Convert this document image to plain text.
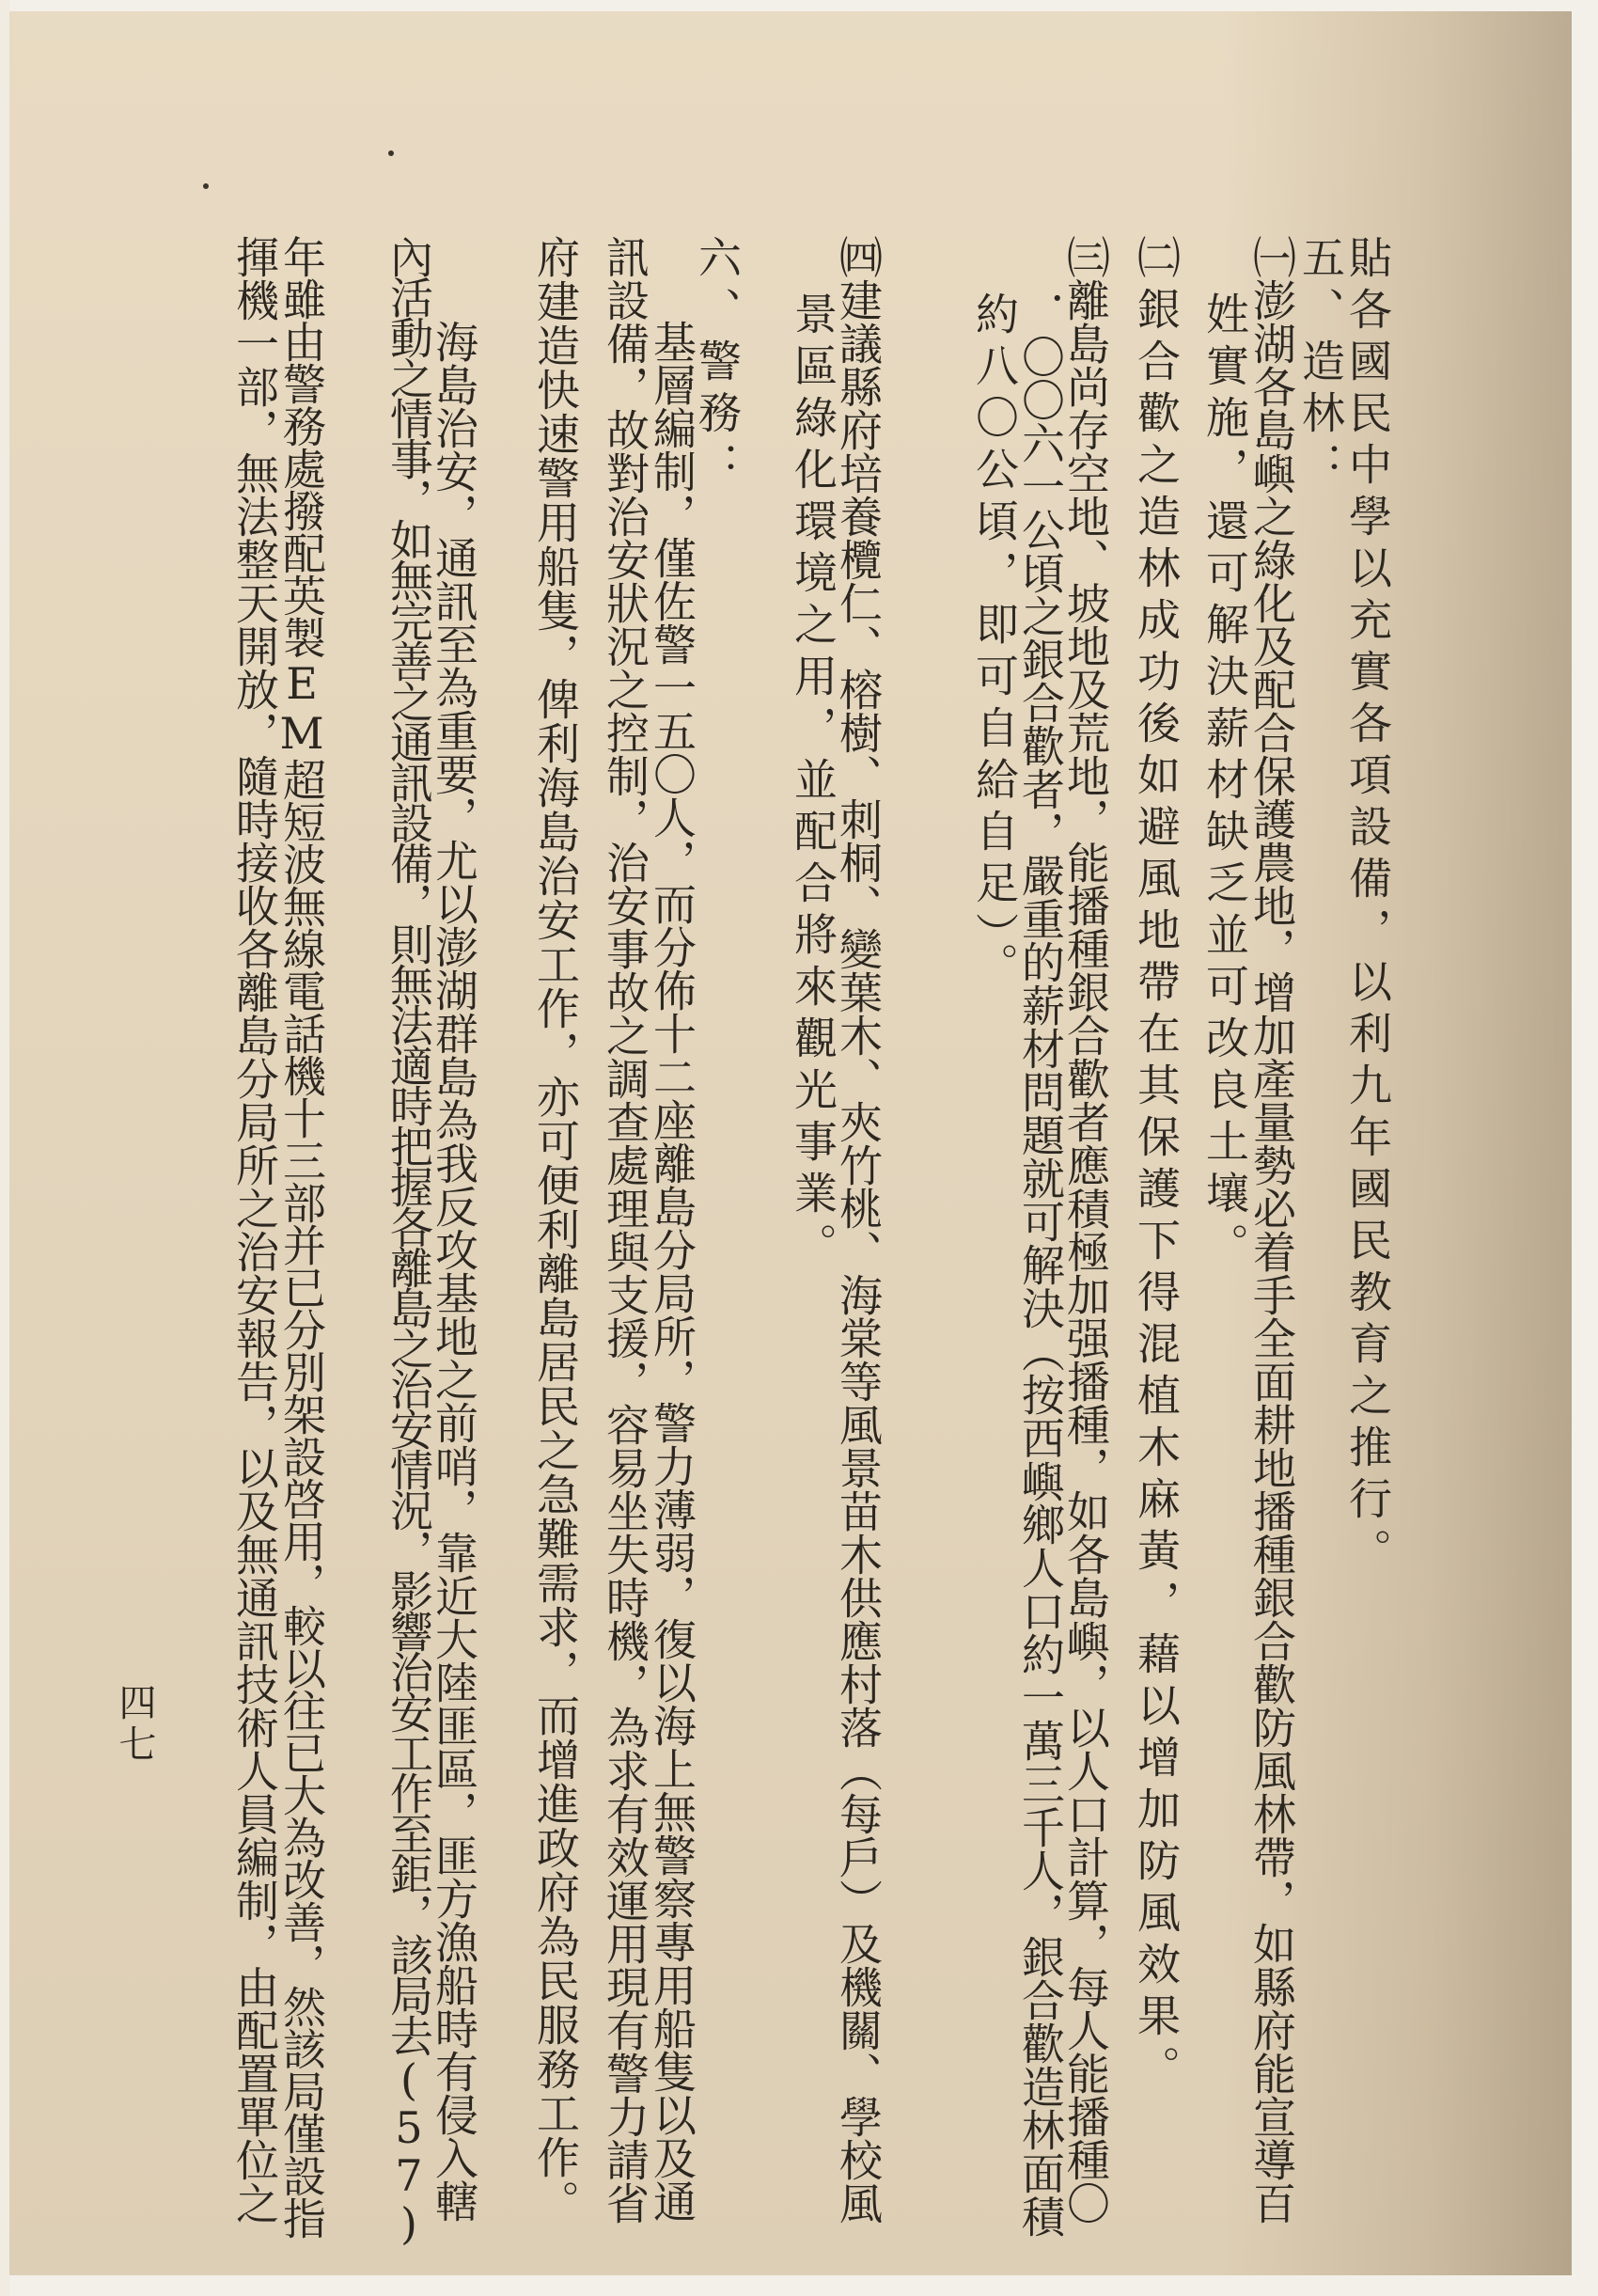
貼各國民中學以充實各項設備，以利九年國民教育之推行。
五、造林：
㈠澎湖各島嶼之綠化及配合保護農地，增加產量勢必着手全面耕地播種銀合歡防風林帶，如縣府能宣導百
姓實施，還可解決薪材缺乏並可改良土壤。
㈡銀合歡之造林成功後如避風地帶在其保護下得混植木麻黃，藉以增加防風效果。
㈢離島尚存空地、坡地及荒地，能播種銀合歡者應積極加强播種，如各島嶼，以人口計算，每人能播種〇
．〇〇六一公頃之銀合歡者，嚴重的薪材問題就可解決（按西嶼鄉人口約一萬三千人，銀合歡造林面積
約八〇公頃，即可自給自足）。
㈣建議縣府培養欖仁、榕樹、刺桐、變葉木、夾竹桃、海棠等風景苗木供應村落（每戶）及機關、學校風
景區綠化環境之用，並配合將來觀光事業。
六、警務：
基層編制，僅佐警一五〇人，而分佈十二座離島分局所，警力薄弱，復以海上無警察專用船隻以及通
訊設備，故對治安狀況之控制，治安事故之調查處理與支援，容易坐失時機，為求有效運用現有警力請省
府建造快速警用船隻，俾利海島治安工作，亦可便利離島居民之急難需求，而增進政府為民服務工作。
海島治安，通訊至為重要，尤以澎湖群島為我反攻基地之前哨，靠近大陸匪區，匪方漁船時有侵入轄
內活動之情事，如無完善之通訊設備，則無法適時把握各離島之治安情況，影響治安工作至鉅，該局去(57)
年雖由警務處撥配英製EM超短波無線電話機十三部并已分別架設啓用，較以往已大為改善，然該局僅設指
揮機一部，無法整天開放，隨時接收各離島分局所之治安報告，以及無通訊技術人員編制，由配置單位之
四七
